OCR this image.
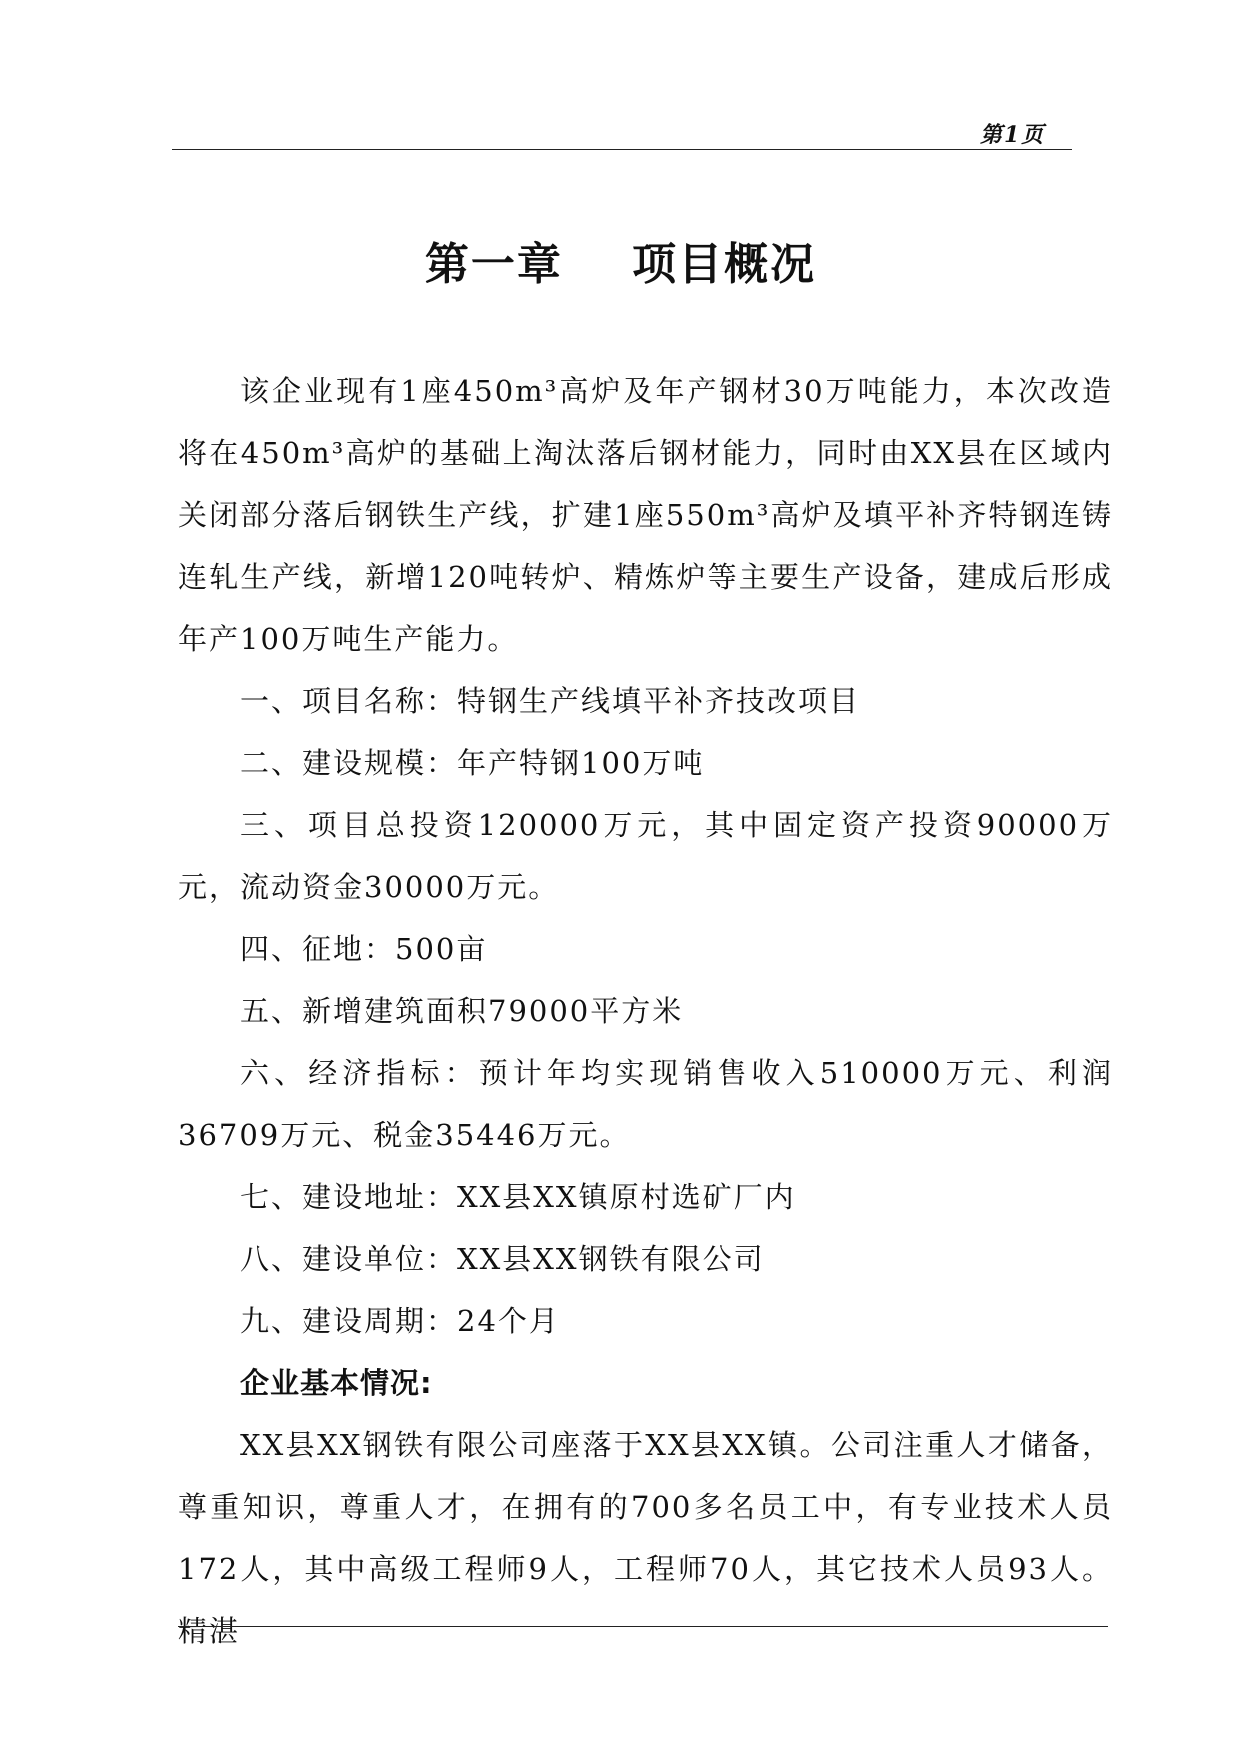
第1页
第一章    项目概况

该企业现有1座450m³高炉及年产钢材30万吨能力，本次改造将在450m³高炉的基础上淘汰落后钢材能力，同时由XX县在区域内关闭部分落后钢铁生产线，扩建1座550m³高炉及填平补齐特钢连铸连轧生产线，新增120吨转炉、精炼炉等主要生产设备，建成后形成年产100万吨生产能力。

一、项目名称：特钢生产线填平补齐技改项目

二、建设规模：年产特钢100万吨

三、项目总投资120000万元，其中固定资产投资90000万元，流动资金30000万元。

四、征地：500亩

五、新增建筑面积79000平方米

六、经济指标：预计年均实现销售收入510000万元、利润36709万元、税金35446万元。

七、建设地址：XX县XX镇原村选矿厂内

八、建设单位：XX县XX钢铁有限公司

九、建设周期：24个月

企业基本情况:

XX县XX钢铁有限公司座落于XX县XX镇。公司注重人才储备，尊重知识，尊重人才，在拥有的700多名员工中，有专业技术人员172人，其中高级工程师9人，工程师70人，其它技术人员93人。精湛
